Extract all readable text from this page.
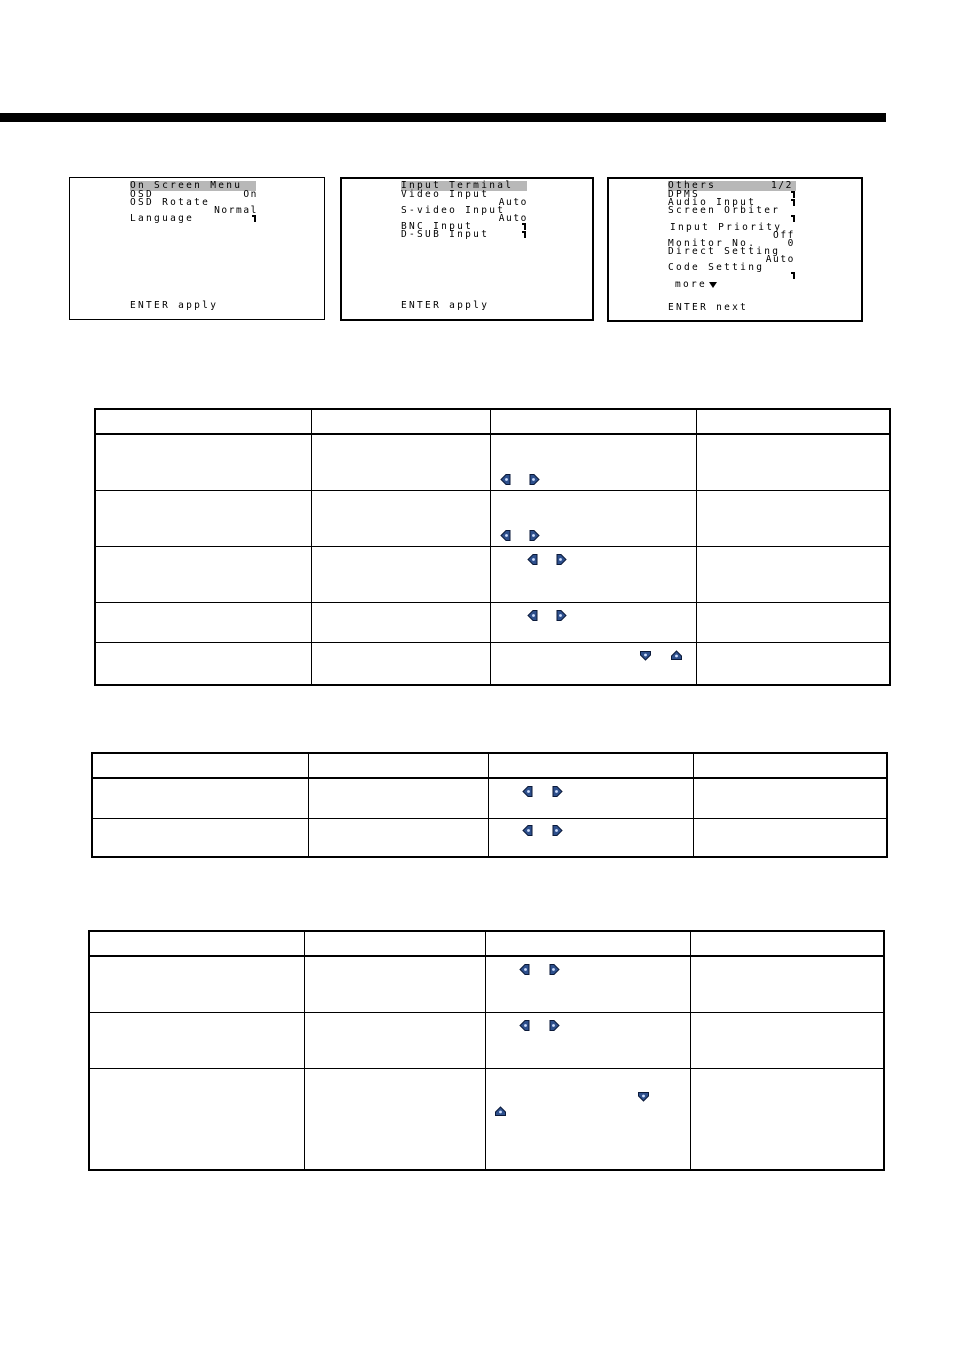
On Screen Menu
OSD	On
OSD Rotate
Normal
Language
ENTER apply
Input Terminal
Video Input
Auto
S-video Input
Auto
BNC Input
D-SUB Input
ENTER apply
Others	1/2
DPMS
Audio Input
Screen Orbiter
Input Priority
Off
Monitor No.	0
Direct Setting
Auto
Code Setting
more
ENTER next
